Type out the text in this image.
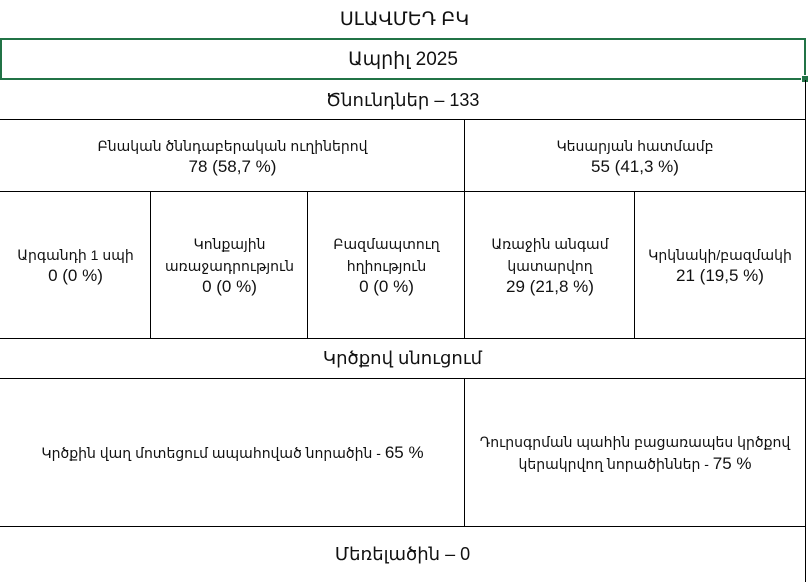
ՍԼԱՎՄԵԴ ԲԿ
Ապրիլ 2025
Ծնունդներ – 133
Բնական ծննդաբերական ուղիներով
78 (58,7 %)
Կեսարյան հատմամբ
55 (41,3 %)
Արգանդի 1 սպի
0 (0 %)
Կոնքային
առաջադրություն
0 (0 %)
Բազմապտուղ
հղիություն
0 (0 %)
Առաջին անգամ
կատարվող
29 (21,8 %)
Կրկնակի/բազմակի
21 (19,5 %)
Կրծքով սնուցում
Կրծքին վաղ մոտեցում ապահոված նորածին - 65 %
Դուրսգրման պահին բացառապես կրծքով
կերակրվող նորածիններ - 75 %
Մեռելածին – 0
